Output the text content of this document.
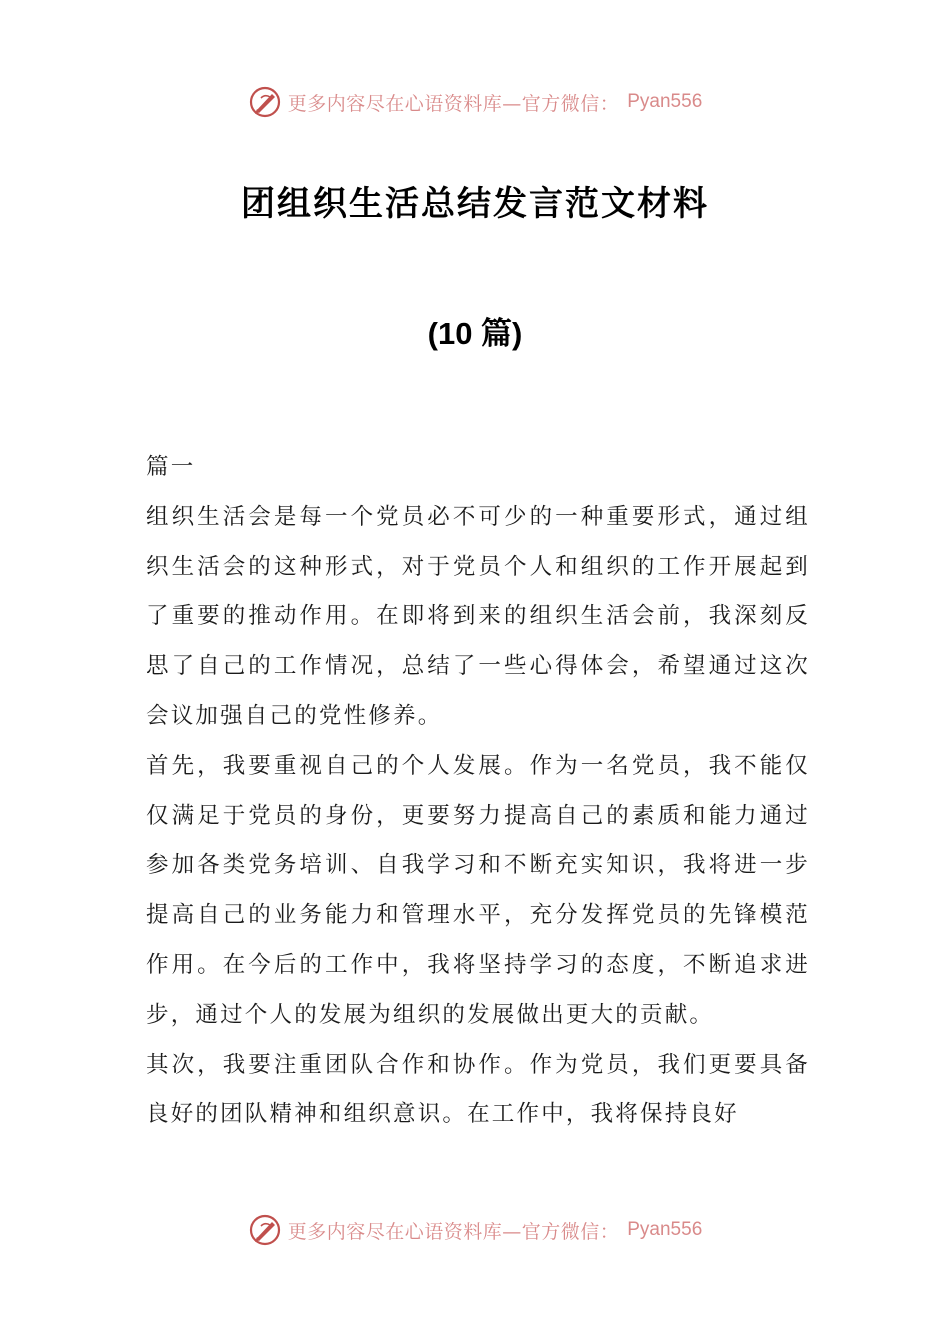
更多内容尽在心语资料库—官方微信： Pyan556
团组织生活总结发言范文材料
(10 篇)

篇一

组织生活会是每一个党员必不可少的一种重要形式，通过组织生活会的这种形式，对于党员个人和组织的工作开展起到了重要的推动作用。在即将到来的组织生活会前，我深刻反思了自己的工作情况，总结了一些心得体会，希望通过这次会议加强自己的党性修养。

首先，我要重视自己的个人发展。作为一名党员，我不能仅仅满足于党员的身份，更要努力提高自己的素质和能力通过参加各类党务培训、自我学习和不断充实知识，我将进一步提高自己的业务能力和管理水平，充分发挥党员的先锋模范作用。在今后的工作中，我将坚持学习的态度，不断追求进步，通过个人的发展为组织的发展做出更大的贡献。

其次，我要注重团队合作和协作。作为党员，我们更要具备良好的团队精神和组织意识。在工作中，我将保持良好

更多内容尽在心语资料库—官方微信： Pyan556
